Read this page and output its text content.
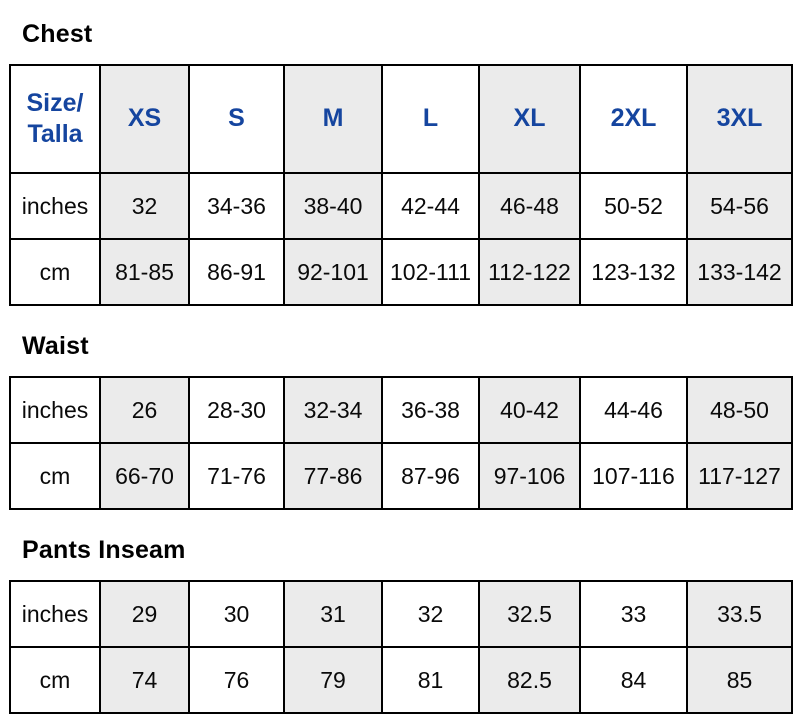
Chest
Size/
Talla	XS	S	M	L	XL	2XL	3XL
inches	32	34-36	38-40	42-44	46-48	50-52	54-56
cm	81-85	86-91	92-101	102-111	112-122	123-132	133-142
Waist
inches	26	28-30	32-34	36-38	40-42	44-46	48-50
cm	66-70	71-76	77-86	87-96	97-106	107-116	117-127
Pants Inseam
inches	29	30	31	32	32.5	33	33.5
cm	74	76	79	81	82.5	84	85
